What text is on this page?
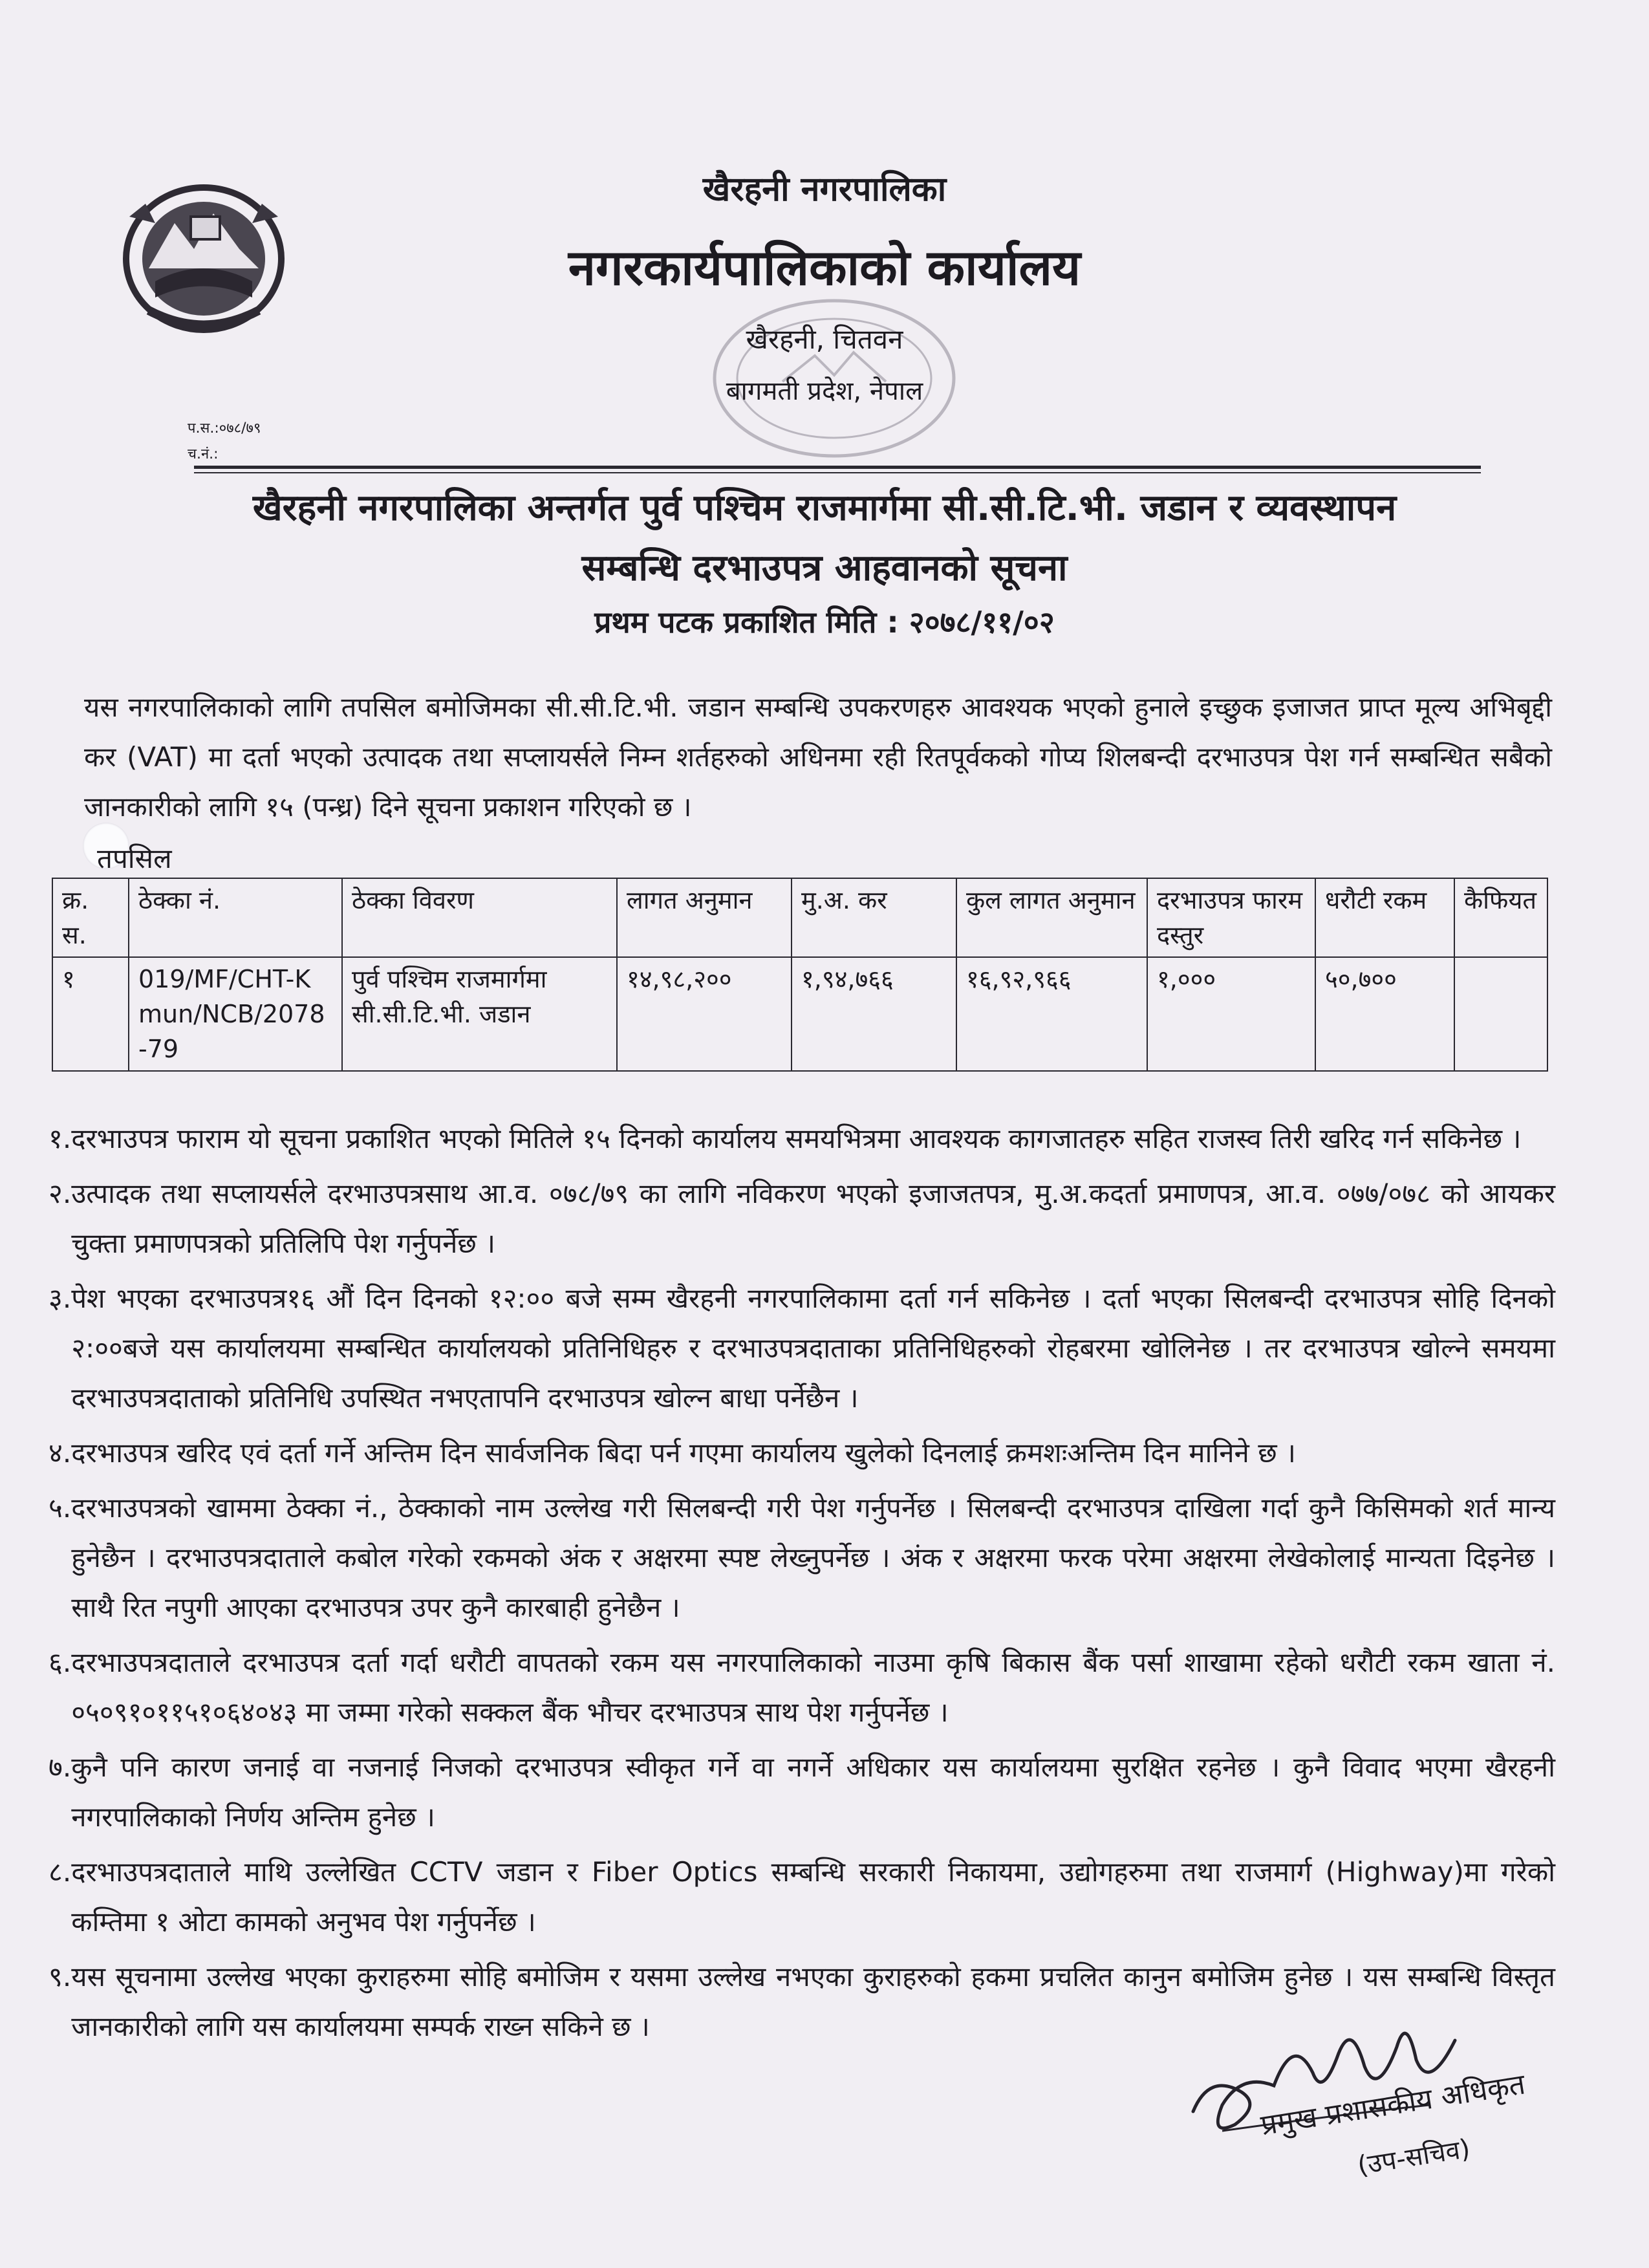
खैरहनी नगरपालिका
नगरकार्यपालिकाको कार्यालय
खैरहनी, चितवन
बागमती प्रदेश, नेपाल
प.स.:०७८/७९
च.नं.:
खैरहनी नगरपालिका अन्तर्गत पुर्व पश्चिम राजमार्गमा सी.सी.टि.भी. जडान र व्यवस्थापन
सम्बन्धि दरभाउपत्र आहवानको सूचना
प्रथम पटक प्रकाशित मिति : २०७८/११/०२
यस नगरपालिकाको लागि तपसिल बमोजिमका सी.सी.टि.भी. जडान सम्बन्धि उपकरणहरु आवश्यक भएको हुनाले इच्छुक इजाजत प्राप्त मूल्य अभिबृद्दी कर (VAT) मा दर्ता भएको उत्पादक तथा सप्लायर्सले निम्न शर्तहरुको अधिनमा रही रितपूर्वकको गोप्य शिलबन्दी दरभाउपत्र पेश गर्न सम्बन्धित सबैको जानकारीको लागि १५ (पन्ध्र) दिने सूचना प्रकाशन गरिएको छ ।
तपसिल
क्र. स.	ठेक्का नं.	ठेक्का विवरण	लागत अनुमान	मु.अ. कर	कुल लागत अनुमान	दरभाउपत्र फारम दस्तुर	धरौटी रकम	कैफियत
१	019/MF/CHT-Kmun/NCB/2078-79	पुर्व पश्चिम राजमार्गमा सी.सी.टि.भी. जडान	१४,९८,२००	१,९४,७६६	१६,९२,९६६	१,०००	५०,७००	
१. दरभाउपत्र फाराम यो सूचना प्रकाशित भएको मितिले १५ दिनको कार्यालय समयभित्रमा आवश्यक कागजातहरु सहित राजस्व तिरी खरिद गर्न सकिनेछ ।
२. उत्पादक तथा सप्लायर्सले दरभाउपत्रसाथ आ.व. ०७८/७९ का लागि नविकरण भएको इजाजतपत्र, मु.अ.कदर्ता प्रमाणपत्र, आ.व. ०७७/०७८ को आयकर चुक्ता प्रमाणपत्रको प्रतिलिपि पेश गर्नुपर्नेछ ।
३. पेश भएका दरभाउपत्र१६ औं दिन दिनको १२:०० बजे सम्म खैरहनी नगरपालिकामा दर्ता गर्न सकिनेछ । दर्ता भएका सिलबन्दी दरभाउपत्र सोहि दिनको २:००बजे यस कार्यालयमा सम्बन्धित कार्यालयको प्रतिनिधिहरु र दरभाउपत्रदाताका प्रतिनिधिहरुको रोहबरमा खोलिनेछ । तर दरभाउपत्र खोल्ने समयमा दरभाउपत्रदाताको प्रतिनिधि उपस्थित नभएतापनि दरभाउपत्र खोल्न बाधा पर्नेछैन ।
४. दरभाउपत्र खरिद एवं दर्ता गर्ने अन्तिम दिन सार्वजनिक बिदा पर्न गएमा कार्यालय खुलेको दिनलाई क्रमशःअन्तिम दिन मानिने छ ।
५. दरभाउपत्रको खाममा ठेक्का नं., ठेक्काको नाम उल्लेख गरी सिलबन्दी गरी पेश गर्नुपर्नेछ । सिलबन्दी दरभाउपत्र दाखिला गर्दा कुनै किसिमको शर्त मान्य हुनेछैन । दरभाउपत्रदाताले कबोल गरेको रकमको अंक र अक्षरमा स्पष्ट लेख्नुपर्नेछ । अंक र अक्षरमा फरक परेमा अक्षरमा लेखेकोलाई मान्यता दिइनेछ । साथै रित नपुगी आएका दरभाउपत्र उपर कुनै कारबाही हुनेछैन ।
६. दरभाउपत्रदाताले दरभाउपत्र दर्ता गर्दा धरौटी वापतको रकम यस नगरपालिकाको नाउमा कृषि बिकास बैंक पर्सा शाखामा रहेको धरौटी रकम खाता नं. ०५०९१०११५१०६४०४३ मा जम्मा गरेको सक्कल बैंक भौचर दरभाउपत्र साथ पेश गर्नुपर्नेछ ।
७. कुनै पनि कारण जनाई वा नजनाई निजको दरभाउपत्र स्वीकृत गर्ने वा नगर्ने अधिकार यस कार्यालयमा सुरक्षित रहनेछ । कुनै विवाद भएमा खैरहनी नगरपालिकाको निर्णय अन्तिम हुनेछ ।
८. दरभाउपत्रदाताले माथि उल्लेखित CCTV जडान र Fiber Optics सम्बन्धि सरकारी निकायमा, उद्योगहरुमा तथा राजमार्ग (Highway)मा गरेको कम्तिमा १ ओटा कामको अनुभव पेश गर्नुपर्नेछ ।
९. यस सूचनामा उल्लेख भएका कुराहरुमा सोहि बमोजिम र यसमा उल्लेख नभएका कुराहरुको हकमा प्रचलित कानुन बमोजिम हुनेछ । यस सम्बन्धि विस्तृत जानकारीको लागि यस कार्यालयमा सम्पर्क राख्न सकिने छ ।
प्रमुख प्रशासकीय अधिकृत
(उप-सचिव)
